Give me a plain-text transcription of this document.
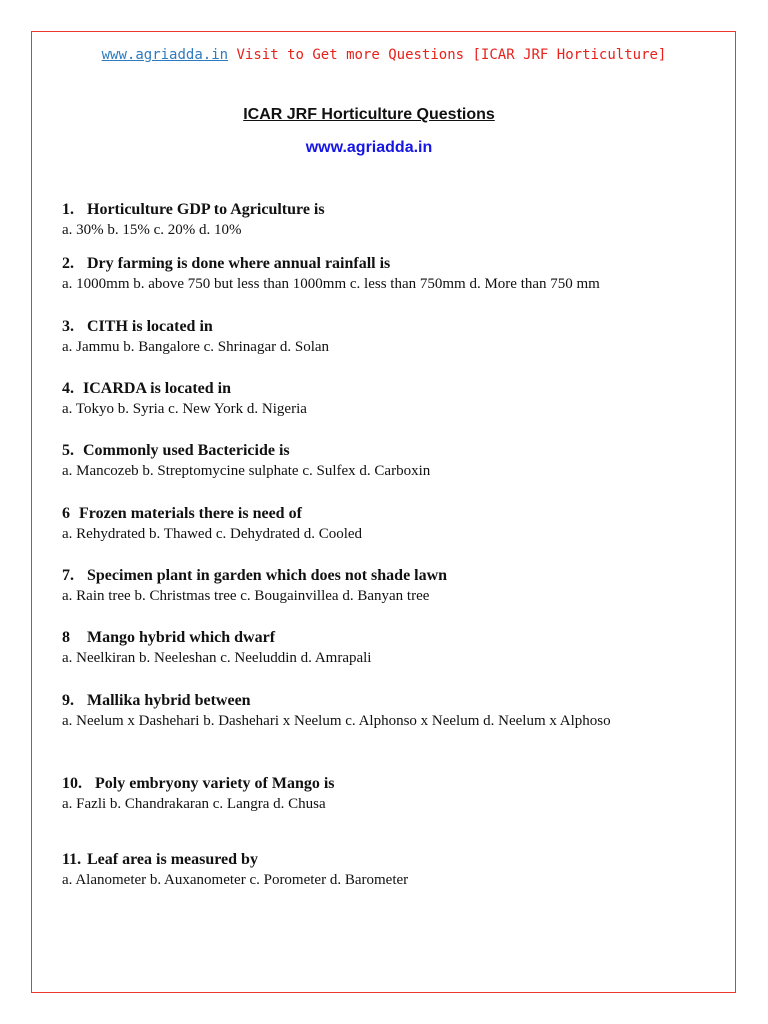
www.agriadda.in Visit to Get more Questions [ICAR JRF Horticulture]
ICAR JRF Horticulture Questions
www.agriadda.in
1. Horticulture GDP to Agriculture is
a. 30% b. 15% c. 20% d. 10%
2. Dry farming is done where annual rainfall is
a. 1000mm b. above 750 but less than 1000mm c. less than 750mm d. More than 750 mm
3. CITH is located in
a. Jammu b. Bangalore c. Shrinagar d. Solan
4. ICARDA is located in
a. Tokyo b. Syria c. New York d. Nigeria
5. Commonly used Bactericide is
a. Mancozeb b. Streptomycine sulphate c. Sulfex d. Carboxin
6 Frozen materials there is need of
a. Rehydrated b. Thawed c. Dehydrated d. Cooled
7. Specimen plant in garden which does not shade lawn
a. Rain tree b. Christmas tree c. Bougainvillea d. Banyan tree
8 Mango hybrid which dwarf
a. Neelkiran b. Neeleshan c. Neeluddin d. Amrapali
9. Mallika hybrid between
a. Neelum x Dashehari b. Dashehari x Neelum c. Alphonso x Neelum d. Neelum x Alphoso
10. Poly embryony variety of Mango is
a. Fazli b. Chandrakaran c. Langra d. Chusa
11. Leaf area is measured by
a. Alanometer b. Auxanometer c. Porometer d. Barometer
